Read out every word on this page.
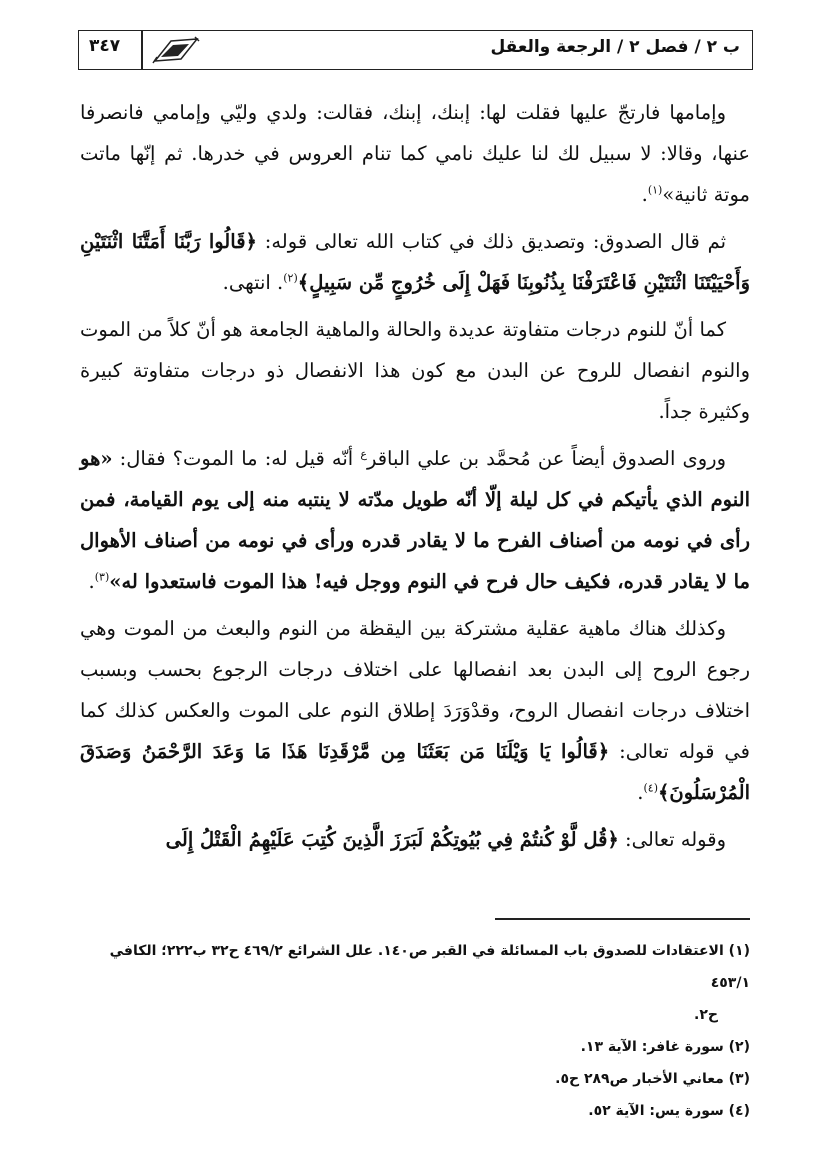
ب ٢ / فصل ٢ / الرجعة والعقل
٣٤٧

وإمامها فارتجّ عليها فقلت لها: إبنك، إبنك، فقالت: ولدي وليّي وإمامي فانصرفا عنها، وقالا: لا سبيل لك لنا عليك نامي كما تنام العروس في خدرها. ثم إنّها ماتت موتة ثانية»$^{(١)}$.

ثم قال الصدوق: وتصديق ذلك في كتاب الله تعالى قوله: ﴿قَالُوا رَبَّنَا أَمَتَّنَا اثْنَتَيْنِ وَأَحْيَيْتَنَا اثْنَتَيْنِ فَاعْتَرَفْنَا بِذُنُوبِنَا فَهَلْ إِلَى خُرُوجٍ مِّن سَبِيلٍ﴾$^{(٢)}$. انتهى.

كما أنّ للنوم درجات متفاوتة عديدة والحالة والماهية الجامعة هو أنّ كلاً من الموت والنوم انفصال للروح عن البدن مع كون هذا الانفصال ذو درجات متفاوتة كبيرة وكثيرة جداً.

وروى الصدوق أيضاً عن مُحمَّد بن علي الباقر$^ع$ أنّه قيل له: ما الموت؟ فقال: «هو النوم الذي يأتيكم في كل ليلة إلّا أنّه طويل مدّته لا ينتبه منه إلى يوم القيامة، فمن رأى في نومه من أصناف الفرح ما لا يقادر قدره ورأى في نومه من أصناف الأهوال ما لا يقادر قدره، فكيف حال فرح في النوم ووجل فيه! هذا الموت فاستعدوا له»$^{(٣)}$.

وكذلك هناك ماهية عقلية مشتركة بين اليقظة من النوم والبعث من الموت وهي رجوع الروح إلى البدن بعد انفصالها على اختلاف درجات الرجوع بحسب وبسبب اختلاف درجات انفصال الروح، وقدْوَرَدَ إطلاق النوم على الموت والعكس كذلك كما في قوله تعالى: ﴿قَالُوا يَا وَيْلَنَا مَن بَعَثَنَا مِن مَّرْقَدِنَا هَذَا مَا وَعَدَ الرَّحْمَنُ وَصَدَقَ الْمُرْسَلُونَ﴾$^{(٤)}$.

وقوله تعالى: ﴿قُل لَّوْ كُنتُمْ فِي بُيُوتِكُمْ لَبَرَزَ الَّذِينَ كُتِبَ عَلَيْهِمُ الْقَتْلُ إِلَى

(١) الاعتقادات للصدوق باب المسائلة في القبر ص١٤٠. علل الشرائع ٤٦٩/٢ ح٣٢ ب٢٢٢؛ الكافي ٤٥٣/١
ح٢.

(٢) سورة غافر: الآية ١٣.

(٣) معاني الأخبار ص٢٨٩ ح٥.

(٤) سورة يس: الآية ٥٢.
